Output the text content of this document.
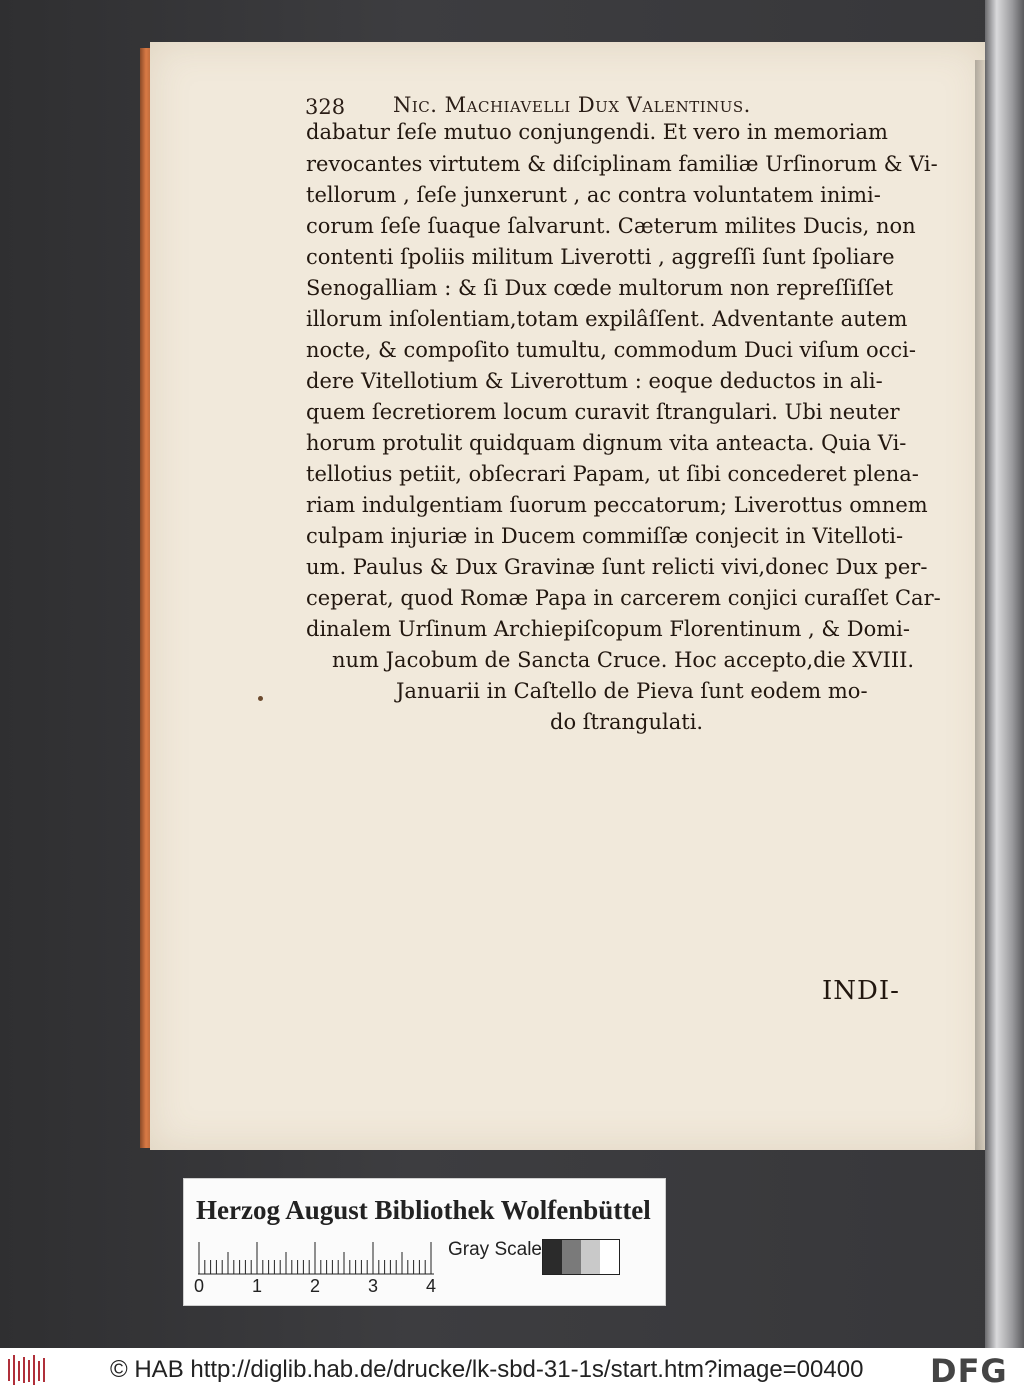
328 Nic. Machiavelli Dux Valentinus.
dabatur ſeſe mutuo conjungendi. Et vero in memoriam
revocantes virtutem & diſciplinam familiæ Urſinorum & Vi-
tellorum , ſeſe junxerunt , ac contra voluntatem inimi-
corum ſeſe ſuaque ſalvarunt. Cæterum milites Ducis, non
contenti ſpoliis militum Liverotti , aggreſſi ſunt ſpoliare
Senogalliam : & ſi Dux cœde multorum non repreſſiſſet
illorum inſolentiam,totam expilâſſent. Adventante autem
nocte, & compoſito tumultu, commodum Duci viſum occi-
dere Vitellotium & Liverottum : eoque deductos in ali-
quem ſecretiorem locum curavit ſtrangulari. Ubi neuter
horum protulit quidquam dignum vita anteacta. Quia Vi-
tellotius petiit, obſecrari Papam, ut ſibi concederet plena-
riam indulgentiam ſuorum peccatorum; Liverottus omnem
culpam injuriæ in Ducem commiſſæ conjecit in Vitelloti-
um. Paulus & Dux Gravinæ ſunt relicti vivi,donec Dux per-
ceperat, quod Romæ Papa in carcerem conjici curaſſet Car-
dinalem Urſinum Archiepiſcopum Florentinum , & Domi-
num Jacobum de Sancta Cruce. Hoc accepto,die XVIII.
Januarii in Caſtello de Pieva ſunt eodem mo-
do ſtrangulati.
INDI-
Herzog August Bibliothek Wolfenbüttel
0	1	2	3	4
Gray Scale
© HAB http://diglib.hab.de/drucke/lk-sbd-31-1s/start.htm?image=00400 DFG
